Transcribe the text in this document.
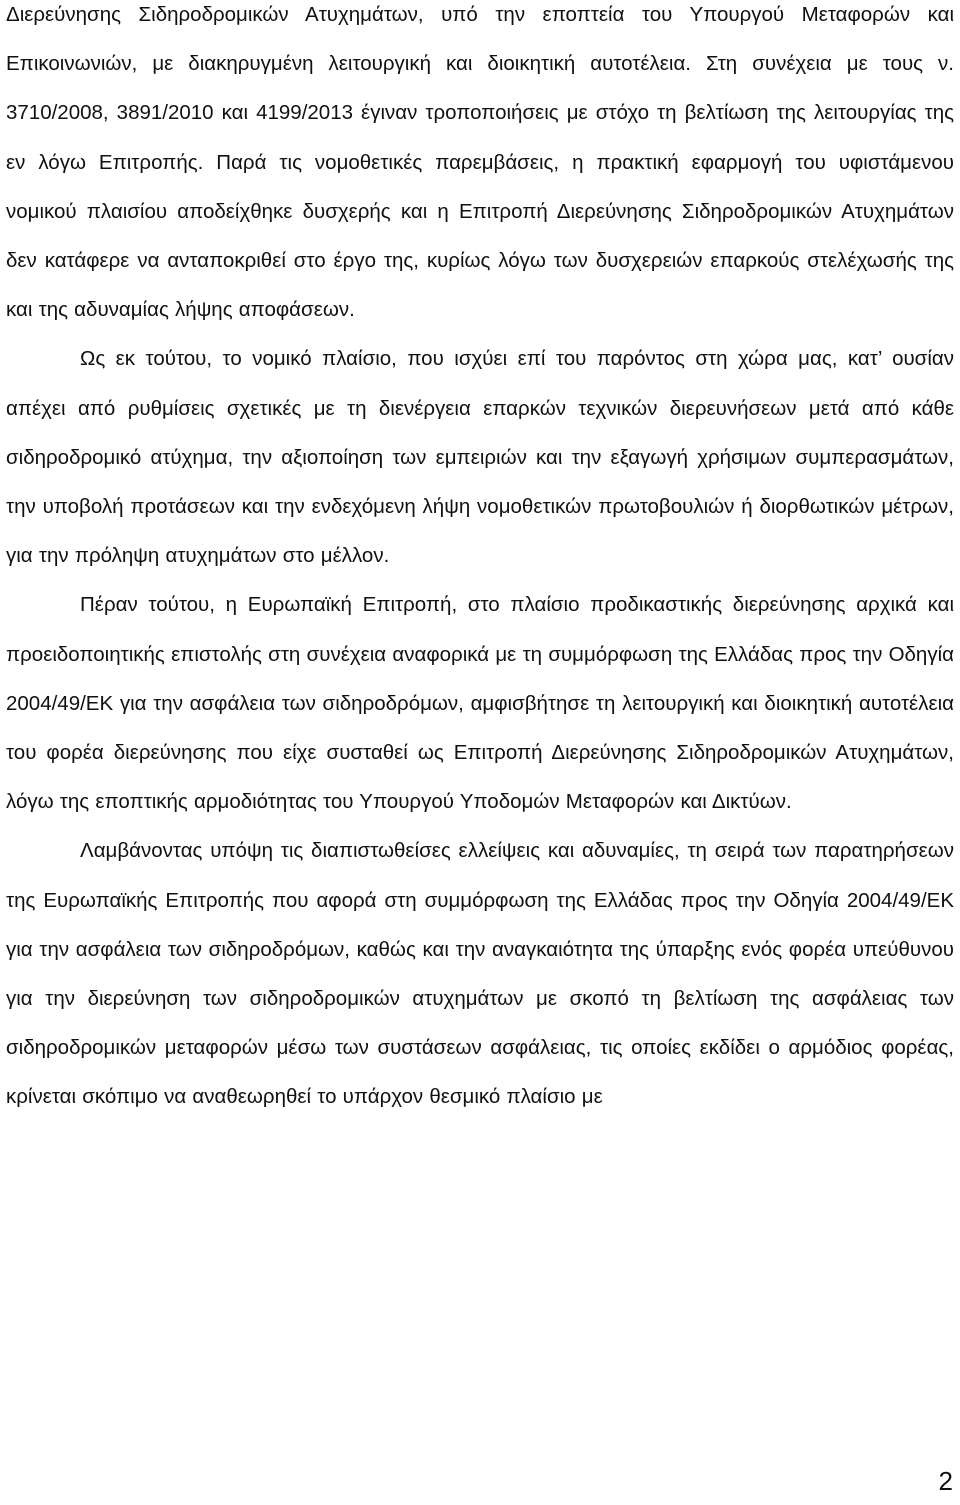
Διερεύνησης Σιδηροδρομικών Ατυχημάτων, υπό την εποπτεία του Υπουργού Μεταφορών και Επικοινωνιών, με διακηρυγμένη λειτουργική και διοικητική αυτοτέλεια. Στη συνέχεια με τους ν. 3710/2008, 3891/2010 και 4199/2013 έγιναν τροποποιήσεις με στόχο τη βελτίωση της λειτουργίας της εν λόγω Επιτροπής. Παρά τις νομοθετικές παρεμβάσεις, η πρακτική εφαρμογή του υφιστάμενου νομικού πλαισίου αποδείχθηκε δυσχερής και η Επιτροπή Διερεύνησης Σιδηροδρομικών Ατυχημάτων δεν κατάφερε να ανταποκριθεί στο έργο της, κυρίως λόγω των δυσχερειών επαρκούς στελέχωσής της και της αδυναμίας λήψης αποφάσεων.

Ως εκ τούτου, το νομικό πλαίσιο, που ισχύει επί του παρόντος στη χώρα μας, κατ’ ουσίαν απέχει από ρυθμίσεις σχετικές με τη διενέργεια επαρκών τεχνικών διερευνήσεων μετά από κάθε σιδηροδρομικό ατύχημα, την αξιοποίηση των εμπειριών και την εξαγωγή χρήσιμων συμπερασμάτων, την υποβολή προτάσεων και την ενδεχόμενη λήψη νομοθετικών πρωτοβουλιών ή διορθωτικών μέτρων, για την πρόληψη ατυχημάτων στο μέλλον.

Πέραν τούτου, η Ευρωπαϊκή Επιτροπή, στο πλαίσιο προδικαστικής διερεύνησης αρχικά και προειδοποιητικής επιστολής στη συνέχεια αναφορικά με τη συμμόρφωση της Ελλάδας προς την Οδηγία 2004/49/ΕΚ για την ασφάλεια των σιδηροδρόμων, αμφισβήτησε τη λειτουργική και διοικητική αυτοτέλεια του φορέα διερεύνησης που είχε συσταθεί ως Επιτροπή Διερεύνησης Σιδηροδρομικών Ατυχημάτων, λόγω της εποπτικής αρμοδιότητας του Υπουργού Υποδομών Μεταφορών και Δικτύων.

Λαμβάνοντας υπόψη τις διαπιστωθείσες ελλείψεις και αδυναμίες, τη σειρά των παρατηρήσεων της Ευρωπαϊκής Επιτροπής που αφορά στη συμμόρφωση της Ελλάδας προς την Οδηγία 2004/49/ΕΚ για την ασφάλεια των σιδηροδρόμων, καθώς και την αναγκαιότητα της ύπαρξης ενός φορέα υπεύθυνου για την διερεύνηση των σιδηροδρομικών ατυχημάτων με σκοπό τη βελτίωση της ασφάλειας των σιδηροδρομικών μεταφορών μέσω των συστάσεων ασφάλειας, τις οποίες εκδίδει ο αρμόδιος φορέας, κρίνεται σκόπιμο να αναθεωρηθεί το υπάρχον θεσμικό πλαίσιο με

2
